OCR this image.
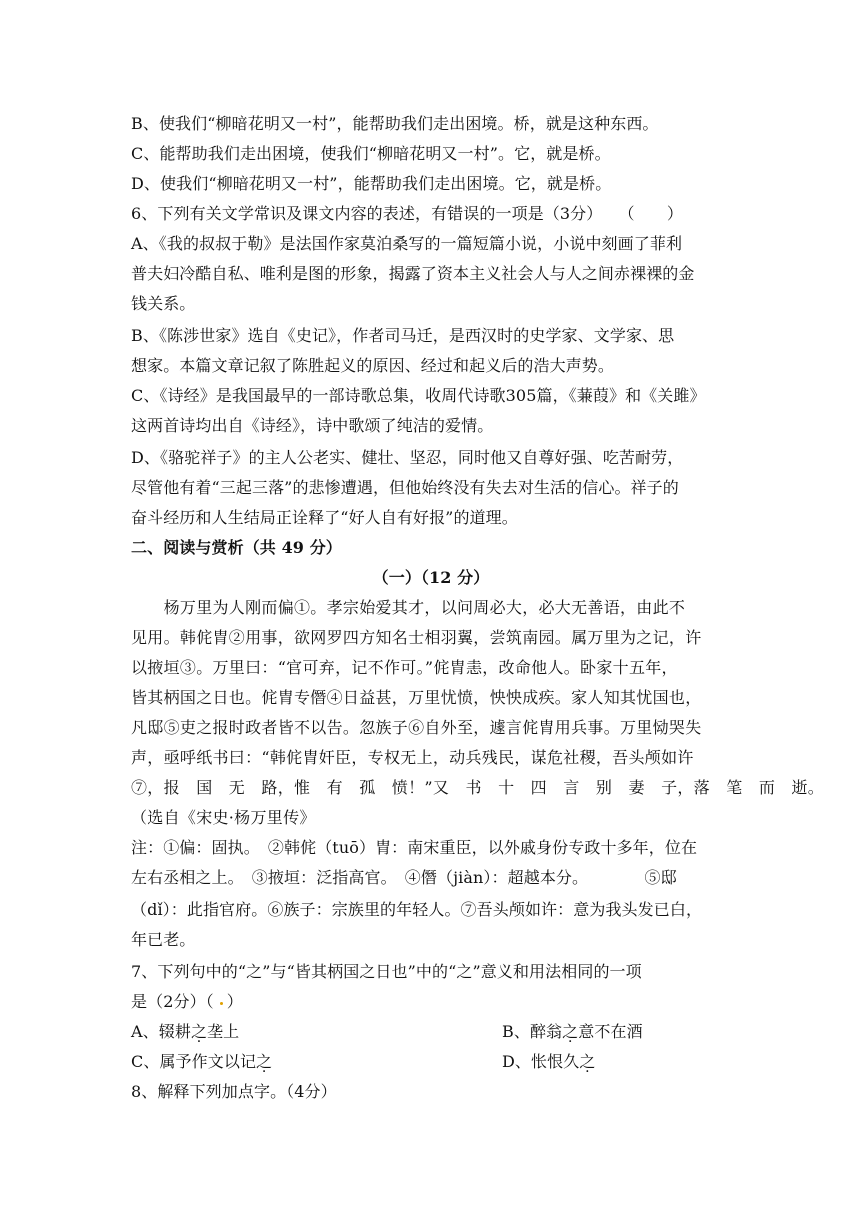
B、使我们“柳暗花明又一村”，能帮助我们走出困境。桥，就是这种东西。
C、能帮助我们走出困境，使我们“柳暗花明又一村”。它，就是桥。
D、使我们“柳暗花明又一村”，能帮助我们走出困境。它，就是桥。
6、下列有关文学常识及课文内容的表述，有错误的一项是（3分）　　（　　）
A、《我的叔叔于勒》是法国作家莫泊桑写的一篇短篇小说，小说中刻画了菲利
普夫妇冷酷自私、唯利是图的形象，揭露了资本主义社会人与人之间赤裸裸的金
钱关系。
B、《陈涉世家》选自《史记》，作者司马迁，是西汉时的史学家、文学家、思
想家。本篇文章记叙了陈胜起义的原因、经过和起义后的浩大声势。
C、《诗经》是我国最早的一部诗歌总集，收周代诗歌305篇，《蒹葭》和《关雎》
这两首诗均出自《诗经》，诗中歌颂了纯洁的爱情。
D、《骆驼祥子》的主人公老实、健壮、坚忍，同时他又自尊好强、吃苦耐劳，
尽管他有着“三起三落”的悲惨遭遇，但他始终没有失去对生活的信心。祥子的
奋斗经历和人生结局正诠释了“好人自有好报”的道理。
二、阅读与赏析（共 49 分）
（一）（12 分）
　　杨万里为人刚而偏①。孝宗始爱其才，以问周必大，必大无善语，由此不
见用。韩侂胄②用事，欲网罗四方知名士相羽翼，尝筑南园。属万里为之记，许
以掖垣③。万里曰：“官可弃，记不作可。”侂胄恚，改命他人。卧家十五年，
皆其柄国之日也。侂胄专僭④日益甚，万里忧愤，怏怏成疾。家人知其忧国也，
凡邸⑤吏之报时政者皆不以告。忽族子⑥自外至，遽言侂胄用兵事。万里恸哭失
声，亟呼纸书曰：“韩侂胄奸臣，专权无上，动兵残民，谋危社稷，吾头颅如许
⑦，报　国　无　路，惟　有　孤　愤！”又　书　十　四　言　别　妻　子，落　笔　而　逝。
（选自《宋史·杨万里传》
注：①偏：固执。　②韩侂（tuō）胄：南宋重臣，以外戚身份专政十多年，位在
左右丞相之上。　③掖垣：泛指高官。　④僭（jiàn）：超越本分。　　　　⑤邸
（dǐ）：此指官府。⑥族子：宗族里的年轻人。⑦吾头颅如许：意为我头发已白，
年已老。
7、下列句中的“之”与“皆其柄国之日也”中的“之”意义和用法相同的一项
是（2分）（ ）
A、辍耕之垄上	B、醉翁之意不在酒
C、属予作文以记之	D、怅恨久之
8、解释下列加点字。（4分）
